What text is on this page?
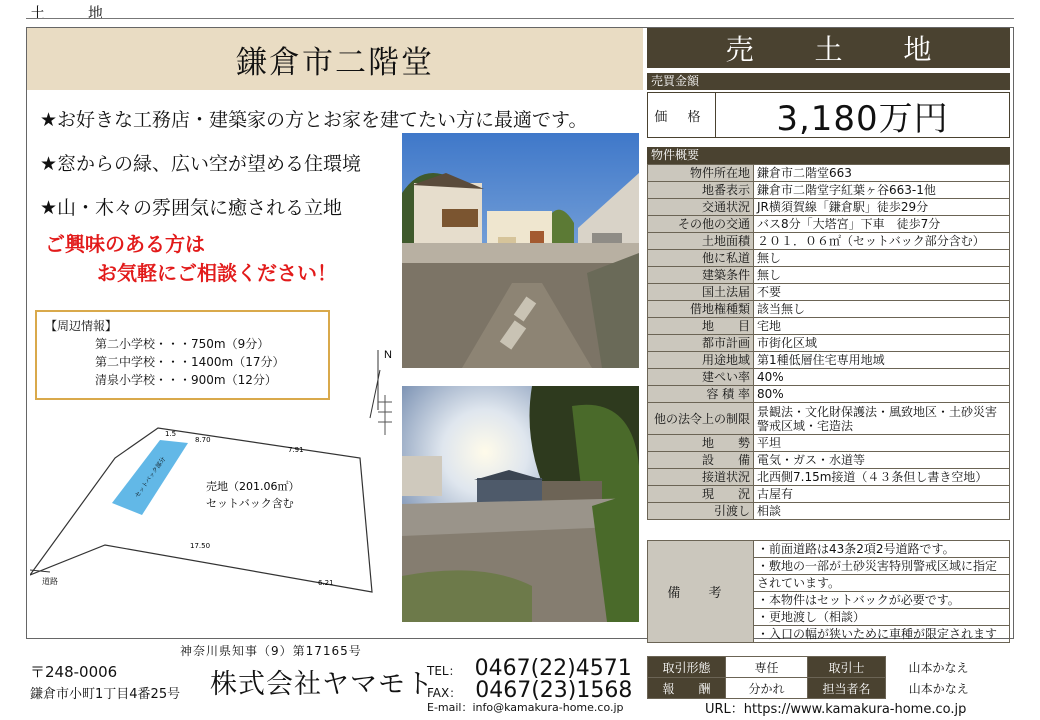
土　地
鎌倉市二階堂
★お好きな工務店・建築家の方とお家を建てたい方に最適です。
★窓からの緑、広い空が望める住環境
★山・木々の雰囲気に癒される立地
ご興味のある方は
お気軽にご相談ください！
【周辺情報】
第二小学校・・・750m（9分）
第二中学校・・・1400m（17分）
清泉小学校・・・900m（12分）
N
セットバック部分
道路
1.5
8.70
7.91
17.50
6.21
売地（201.06㎡）
セットバック含む
売 土 地
売買金額
価 格	3,180万円
物件概要
物件所在地	鎌倉市二階堂663
地番表示	鎌倉市二階堂字紅葉ヶ谷663-1他
交通状況	JR横須賀線「鎌倉駅」徒歩29分
その他の交通	バス8分「大塔宮」下車　徒歩7分
土地面積	２０１．０６㎡（セットバック部分含む）
他に私道	無し
建築条件	無し
国土法届	不要
借地権種類	該当無し
地　　目	宅地
都市計画	市街化区域
用途地域	第1種低層住宅専用地域
建ぺい率	40%
容 積 率	80%
他の法令上の制限	景観法・文化財保護法・風致地区・土砂災害警戒区域・宅造法
地　　勢	平坦
設　　備	電気・ガス・水道等
接道状況	北西側7.15m接道（４３条但し書き空地）
現　　況	古屋有
引渡し	相談
備 考
・前面道路は43条2項2号道路です。
・敷地の一部が土砂災害特別警戒区域に指定
されています。
・本物件はセットバックが必要です。
・更地渡し（相談）
・入口の幅が狭いために車種が限定されます
神奈川県知事（9）第17165号
〒248-0006
鎌倉市小町1丁目4番25号 株式会社ヤマモト
TEL： 0467(22)4571
FAX： 0467(23)1568
E-mail：info@kamakura-home.co.jp	URL：https://www.kamakura-home.co.jp
取引形態	専任	取引士	山本かなえ
報　　酬	分かれ	担当者名	山本かなえ
